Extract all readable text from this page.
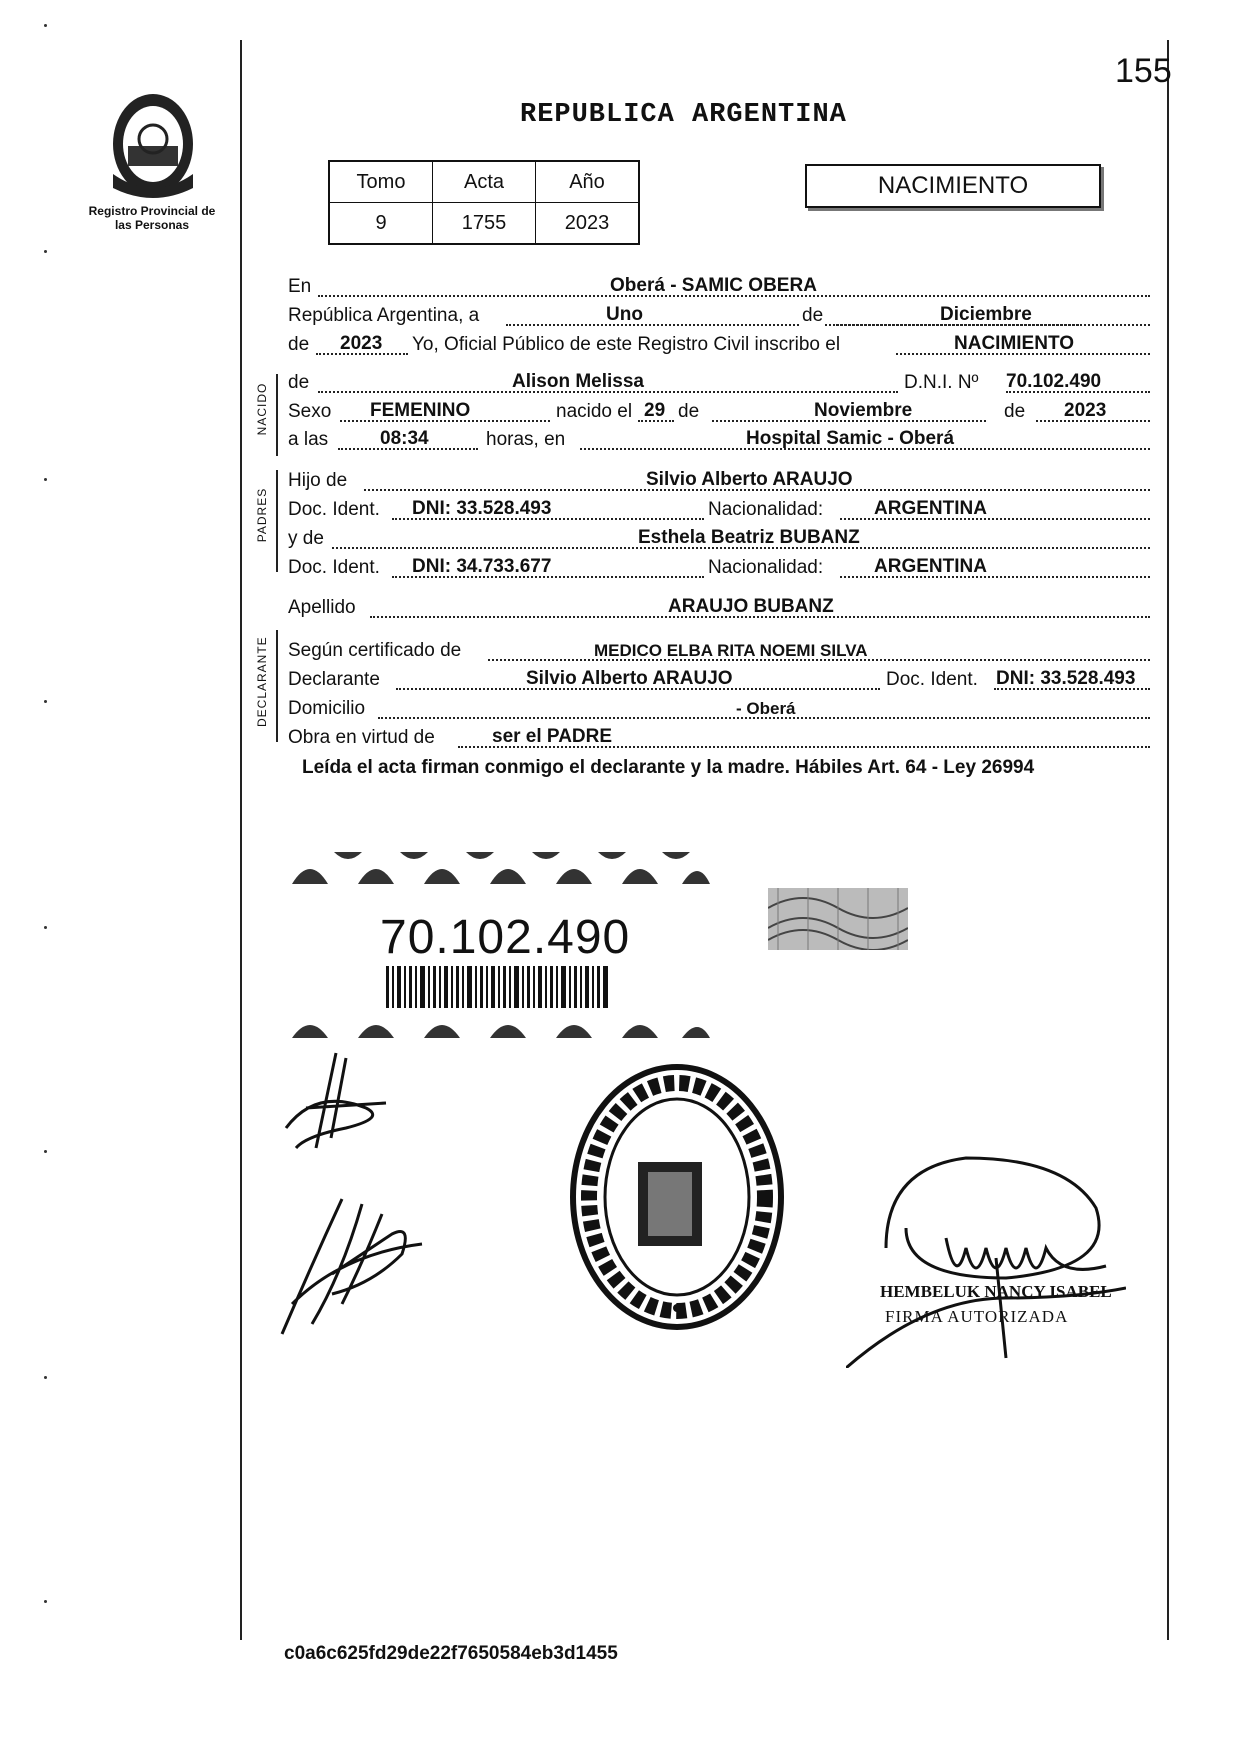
155
Registro Provincial de las Personas
REPUBLICA ARGENTINA
Tomo	Acta	Año
9	1755	2023
NACIMIENTO
NACIDO
PADRES
DECLARANTE
En	Oberá - SAMIC OBERA
República Argentina, a	Uno	de	Diciembre
de 2023 Yo, Oficial Público de este Registro Civil inscribo el	NACIMIENTO
de	Alison Melissa	D.N.I. Nº 70.102.490
Sexo FEMENINO	nacido el 29 de	Noviembre	de 2023
a las	08:34	horas, en	Hospital Samic - Oberá
Hijo de	Silvio Alberto ARAUJO
Doc. Ident. DNI: 33.528.493	Nacionalidad:	ARGENTINA
y de	Esthela Beatriz BUBANZ
Doc. Ident. DNI: 34.733.677	Nacionalidad:	ARGENTINA
Apellido	ARAUJO BUBANZ
Según certificado de	MEDICO ELBA RITA NOEMI SILVA
Declarante	Silvio Alberto ARAUJO	Doc. Ident. DNI: 33.528.493
Domicilio	- Oberá
Obra en virtud de	ser el PADRE
Leída el acta firman conmigo el declarante y la madre. Hábiles Art. 64 - Ley 26994
70.102.490
HEMBELUK NANCY ISABEL
FIRMA AUTORIZADA
c0a6c625fd29de22f7650584eb3d1455
